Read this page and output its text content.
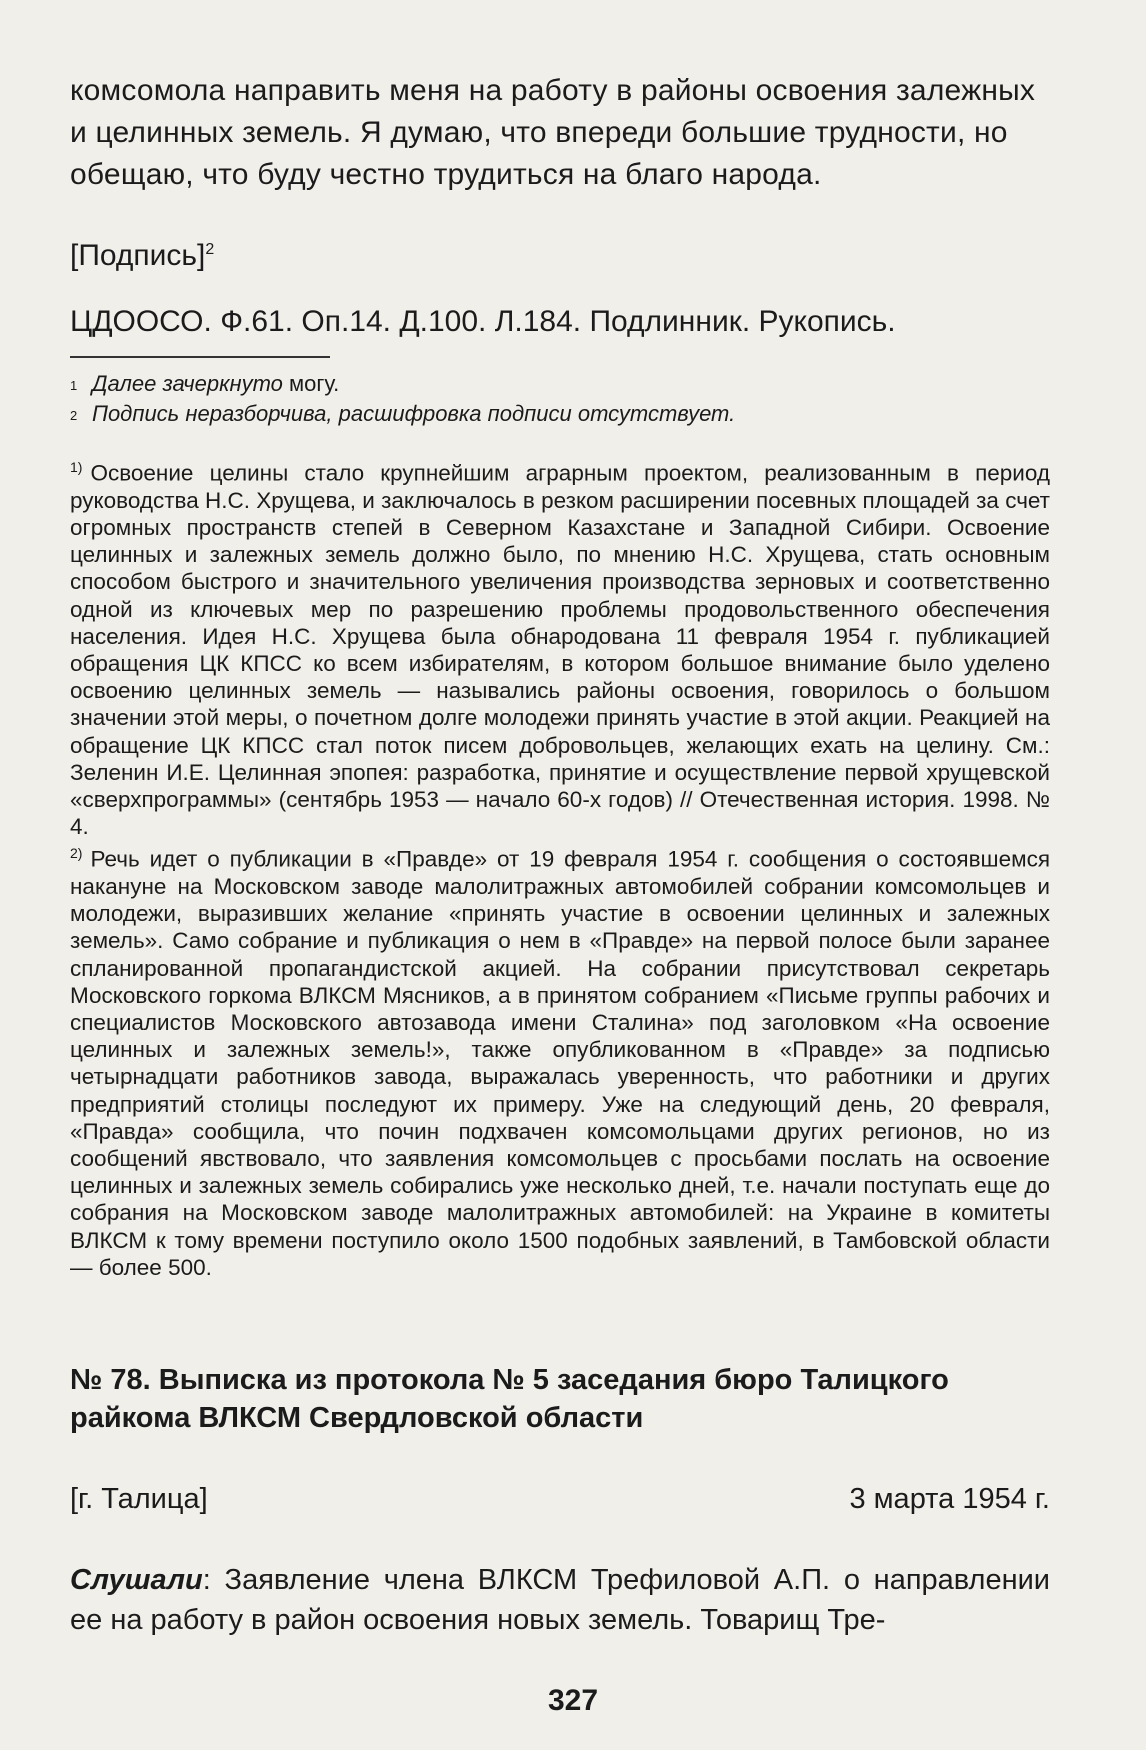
комсомола направить меня на работу в районы освоения залежных и целинных земель. Я думаю, что впереди большие трудности, но обещаю, что буду честно трудиться на благо народа.

[Подпись]$^2$
ЦДООСО. Ф.61. Оп.14. Д.100. Л.184. Подлинник. Рукопись.
1 Далее зачеркнуто могу.
2 Подпись неразборчива, расшифровка подписи отсутствует.

$^{1)}$ Освоение целины стало крупнейшим аграрным проектом, реализованным в период руководства Н.С. Хрущева, и заключалось в резком расширении посевных площадей за счет огромных пространств степей в Северном Казахстане и Западной Сибири. Освоение целинных и залежных земель должно было, по мнению Н.С. Хрущева, стать основным способом быстрого и значительного увеличения производства зерновых и соответственно одной из ключевых мер по разрешению проблемы продовольственного обеспечения населения. Идея Н.С. Хрущева была обнародована 11 февраля 1954 г. публикацией обращения ЦК КПСС ко всем избирателям, в котором большое внимание было уделено освоению целинных земель — назывались районы освоения, говорилось о большом значении этой меры, о почетном долге молодежи принять участие в этой акции. Реакцией на обращение ЦК КПСС стал поток писем добровольцев, желающих ехать на целину. См.: Зеленин И.Е. Целинная эпопея: разработка, принятие и осуществление первой хрущевской «сверхпрограммы» (сентябрь 1953 — начало 60-х годов) // Отечественная история. 1998. № 4.

$^{2)}$ Речь идет о публикации в «Правде» от 19 февраля 1954 г. сообщения о состоявшемся накануне на Московском заводе малолитражных автомобилей собрании комсомольцев и молодежи, выразивших желание «принять участие в освоении целинных и залежных земель». Само собрание и публикация о нем в «Правде» на первой полосе были заранее спланированной пропагандистской акцией. На собрании присутствовал секретарь Московского горкома ВЛКСМ Мясников, а в принятом собранием «Письме группы рабочих и специалистов Московского автозавода имени Сталина» под заголовком «На освоение целинных и залежных земель!», также опубликованном в «Правде» за подписью четырнадцати работников завода, выражалась уверенность, что работники и других предприятий столицы последуют их примеру. Уже на следующий день, 20 февраля, «Правда» сообщила, что почин подхвачен комсомольцами других регионов, но из сообщений явствовало, что заявления комсомольцев с просьбами послать на освоение целинных и залежных земель собирались уже несколько дней, т.е. начали поступать еще до собрания на Московском заводе малолитражных автомобилей: на Украине в комитеты ВЛКСМ к тому времени поступило около 1500 подобных заявлений, в Тамбовской области — более 500.

№ 78. Выписка из протокола № 5 заседания бюро Талицкого райкома ВЛКСМ Свердловской области
[г. Талица]	3 марта 1954 г.

Слушали: Заявление члена ВЛКСМ Трефиловой А.П. о направлении ее на работу в район освоения новых земель. Товарищ Тре-

327
